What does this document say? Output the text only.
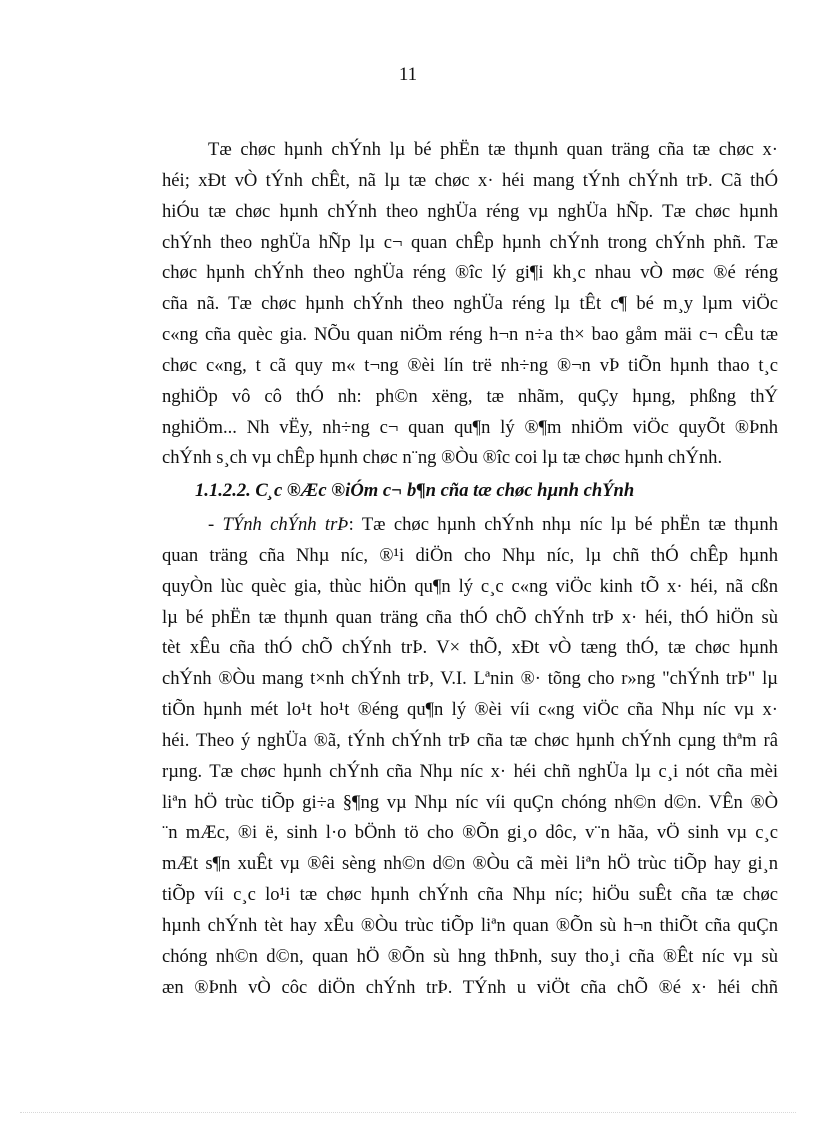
11
Tæ chøc hµnh chÝnh lµ bé phËn tæ thµnh quan träng cña tæ chøc x·
héi; xÐt vÒ tÝnh chÊt, nã lµ tæ chøc x· héi mang tÝnh chÝnh trÞ. Cã thÓ
hiÓu tæ chøc hµnh chÝnh theo nghÜa réng vµ nghÜa hÑp. Tæ chøc hµnh
chÝnh theo nghÜa hÑp lµ c¬ quan chÊp hµnh chÝnh trong chÝnh phñ. Tæ
chøc hµnh chÝnh theo nghÜa réng ®îc lý gi¶i kh¸c nhau vÒ møc ®é réng
cña nã. Tæ chøc hµnh chÝnh theo nghÜa réng lµ tÊt c¶ bé m¸y lµm viÖc
c«ng cña quèc gia. NÕu quan niÖm réng h¬n n÷a th× bao gåm mäi c¬ cÊu tæ
chøc c«ng, t cã quy m« t¬ng ®èi lín trë nh÷ng ®¬n vÞ tiÕn hµnh thao t¸c
nghiÖp vô cô thÓ nh: ph©n xëng, tæ nhãm, quÇy hµng, phßng thÝ
nghiÖm... Nh vËy, nh÷ng c¬ quan qu¶n lý ®¶m nhiÖm viÖc quyÕt ®Þnh
chÝnh s¸ch vµ chÊp hµnh chøc n¨ng ®Òu ®îc coi lµ tæ chøc hµnh chÝnh.
1.1.2.2. C¸c ®Æc ®iÓm c¬ b¶n cña tæ chøc hµnh chÝnh
- TÝnh chÝnh trÞ: Tæ chøc hµnh chÝnh nhµ níc lµ bé phËn tæ thµnh
quan träng cña Nhµ níc, ®¹i diÖn cho Nhµ níc, lµ chñ thÓ chÊp hµnh
quyÒn lùc quèc gia, thùc hiÖn qu¶n lý c¸c c«ng viÖc kinh tÕ x· héi, nã cßn
lµ bé phËn tæ thµnh quan träng cña thÓ chÕ chÝnh trÞ x· héi, thÓ hiÖn sù
tèt xÊu cña thÓ chÕ chÝnh trÞ. V× thÕ, xÐt vÒ tæng thÓ, tæ chøc hµnh
chÝnh ®Òu mang t×nh chÝnh trÞ, V.I. Lªnin ®· tõng cho r»ng "chÝnh trÞ" lµ
tiÕn hµnh mét lo¹t ho¹t ®éng qu¶n lý ®èi víi c«ng viÖc cña Nhµ níc vµ x·
héi. Theo ý nghÜa ®ã, tÝnh chÝnh trÞ cña tæ chøc hµnh chÝnh cµng thªm râ
rµng. Tæ chøc hµnh chÝnh cña Nhµ níc x· héi chñ nghÜa lµ c¸i nót cña mèi
liªn hÖ trùc tiÕp gi÷a §¶ng vµ Nhµ níc víi quÇn chóng nh©n d©n. VÊn ®Ò
¨n mÆc, ®i ë, sinh l·o bÖnh tö cho ®Õn gi¸o dôc, v¨n hãa, vÖ sinh vµ c¸c
mÆt s¶n xuÊt vµ ®êi sèng nh©n d©n ®Òu cã mèi liªn hÖ trùc tiÕp hay gi¸n
tiÕp víi c¸c lo¹i tæ chøc hµnh chÝnh cña Nhµ níc; hiÖu suÊt cña tæ chøc
hµnh chÝnh tèt hay xÊu ®Òu trùc tiÕp liªn quan ®Õn sù h¬n thiÕt cña quÇn
chóng nh©n d©n, quan hÖ ®Õn sù hng thÞnh, suy tho¸i cña ®Êt níc vµ sù
æn ®Þnh vÒ côc diÖn chÝnh trÞ. TÝnh u viÖt cña chÕ ®é x· héi chñ
